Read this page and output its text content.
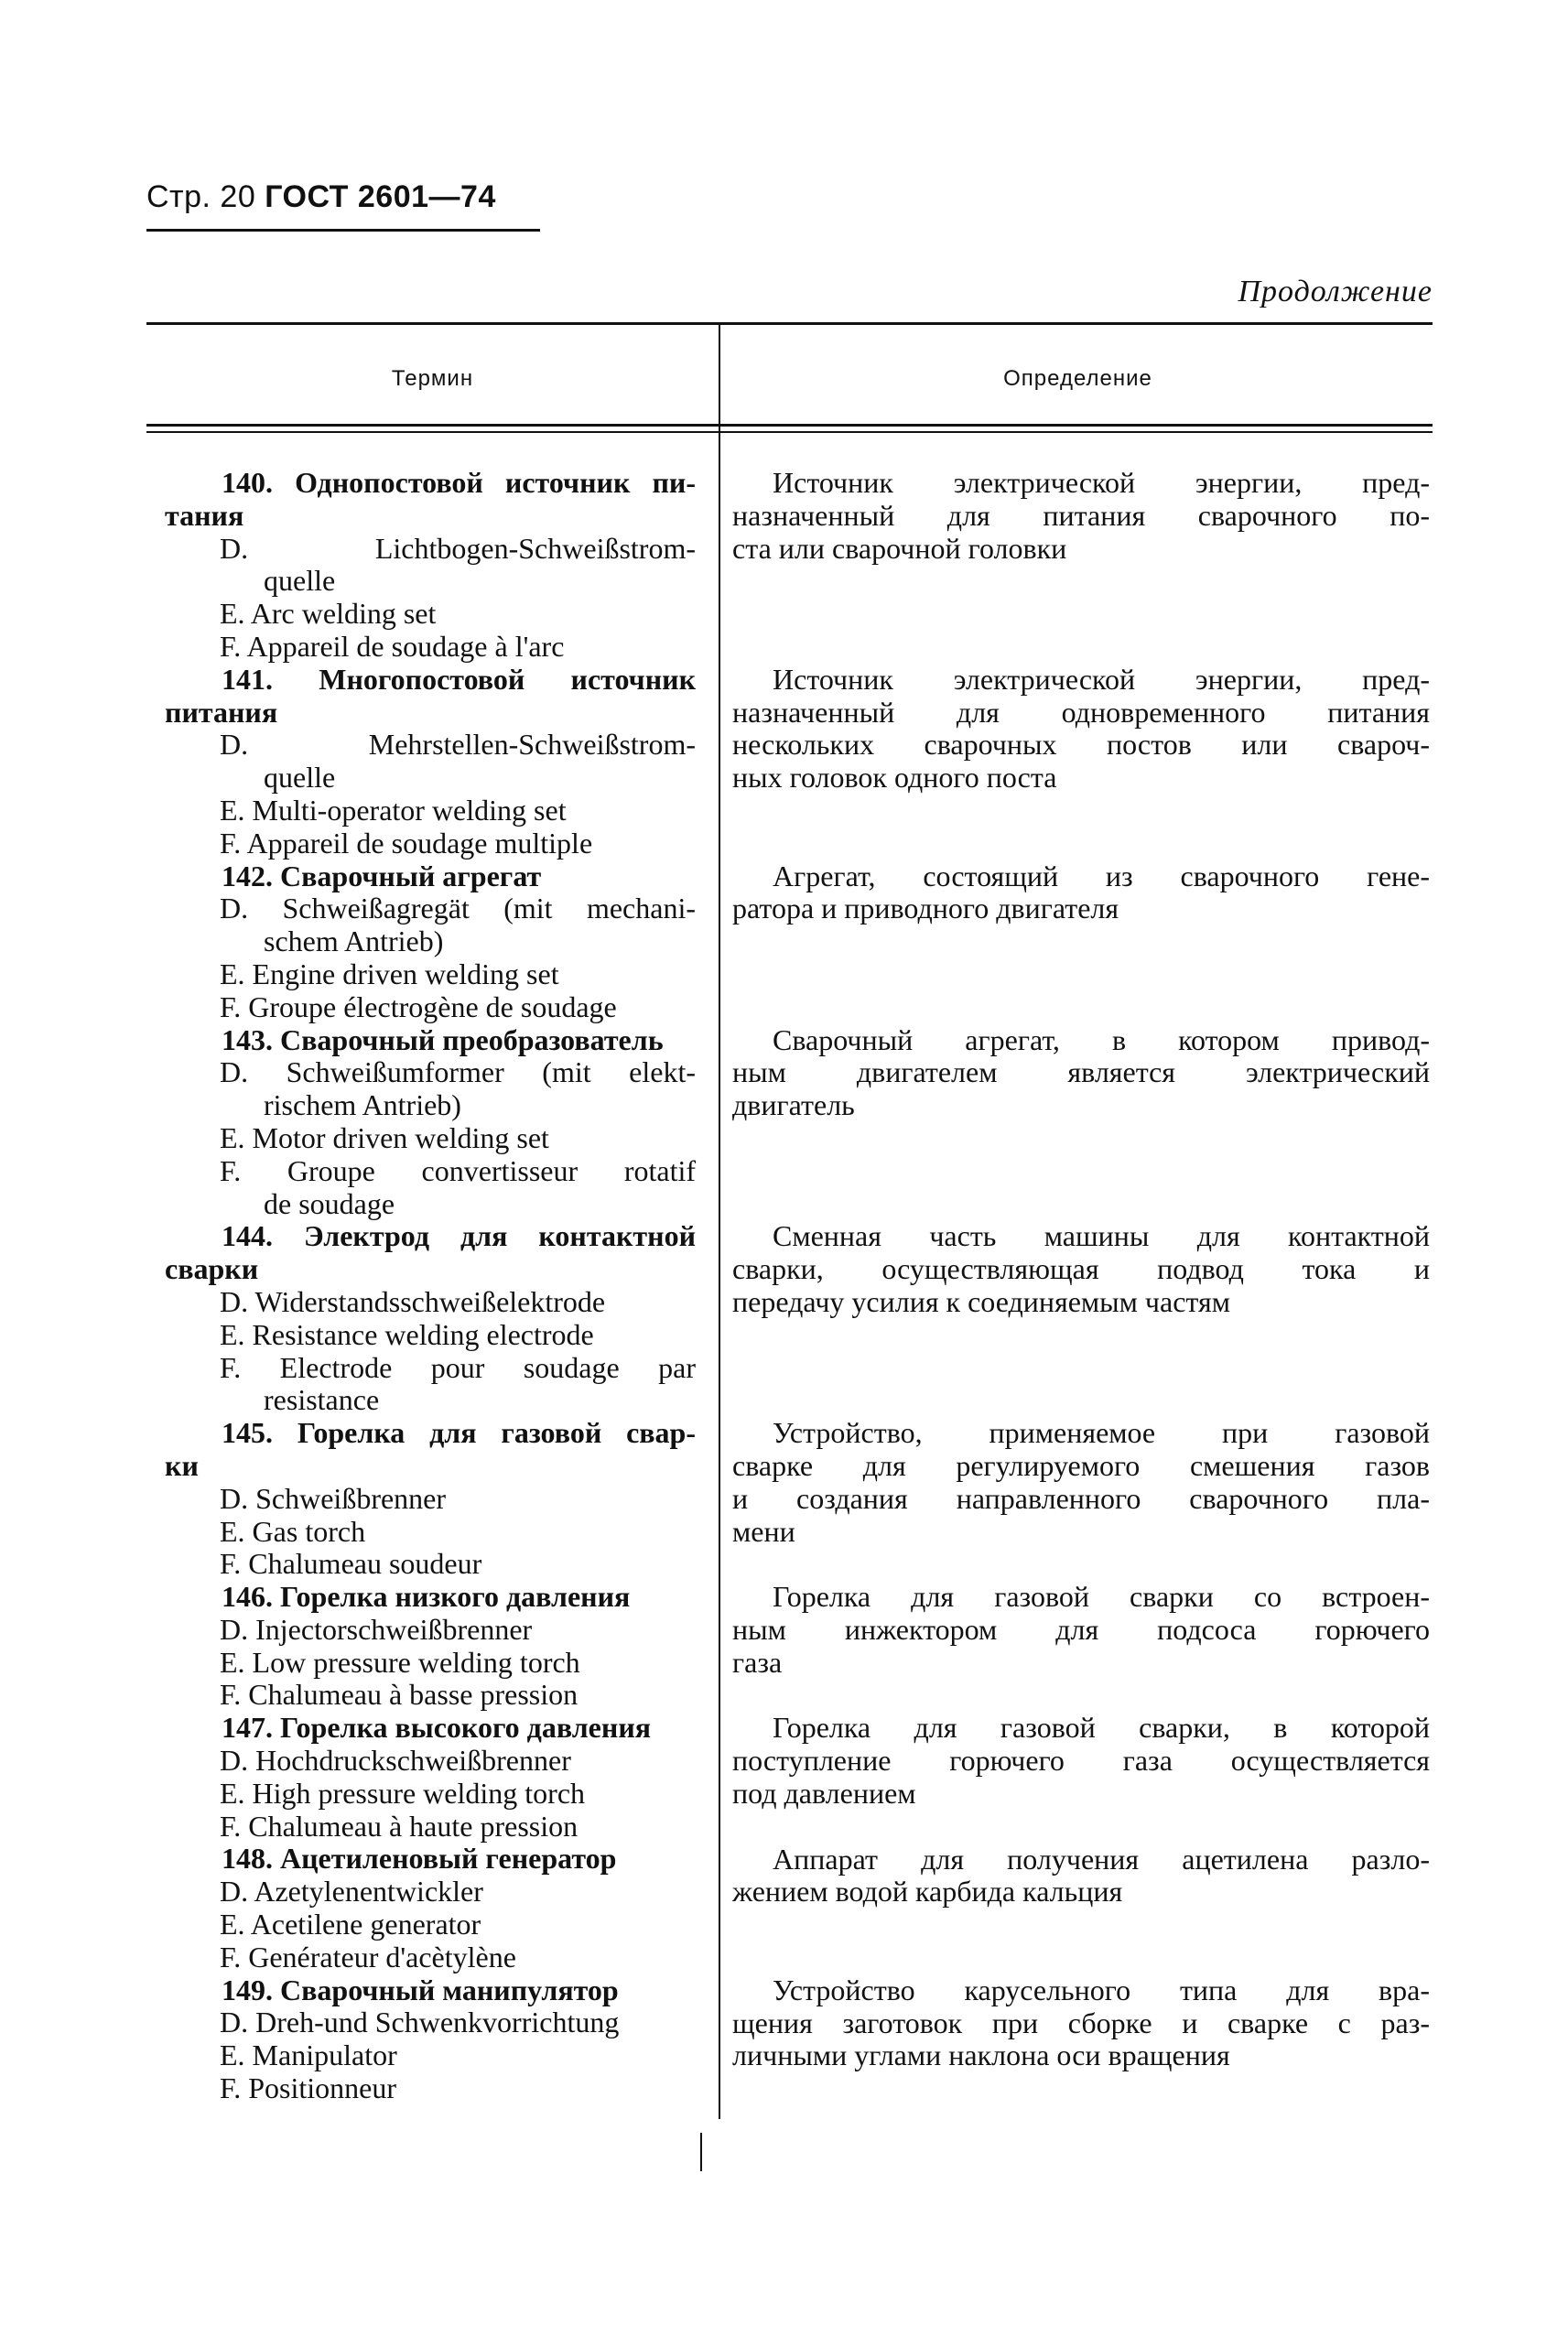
Стр. 20 ГОСТ 2601—74
Продолжение
Термин	Определение
140. Однопостовой источник пи-
тания
D. Lichtbogen-Schweißstrom-
quelle
E. Arc welding set
F. Appareil de soudage à l'arc
141. Многопостовой источник
питания
D. Mehrstellen-Schweißstrom-
quelle
E. Multi-operator welding set
F. Appareil de soudage multiple
142. Сварочный агрегат
D. Schweißagregät (mit mechani-
schem Antrieb)
E. Engine driven welding set
F. Groupe électrogène de soudage
143. Сварочный преобразователь
D. Schweißumformer (mit elekt-
rischem Antrieb)
E. Motor driven welding set
F. Groupe convertisseur rotatif
de soudage
144. Электрод для контактной
сварки
D. Widerstandsschweißelektrode
E. Resistance welding electrode
F. Electrode pour soudage par
resistance
145. Горелка для газовой свар-
ки
D. Schweißbrenner
E. Gas torch
F. Chalumeau soudeur
146. Горелка низкого давления
D. Injectorschweißbrenner
E. Low pressure welding torch
F. Chalumeau à basse pression
147. Горелка высокого давления
D. Hochdruckschweißbrenner
E. High pressure welding torch
F. Chalumeau à haute pression
148. Ацетиленовый генератор
D. Azetylenentwickler
E. Acetilene generator
F. Genérateur d'acètylène
149. Сварочный манипулятор
D. Dreh-und Schwenkvorrichtung
E. Manipulator
F. Positionneur
Источник электрической энергии, пред-
назначенный для питания сварочного по-
ста или сварочной головки
Источник электрической энергии, пред-
назначенный для одновременного питания
нескольких сварочных постов или свароч-
ных головок одного поста
Агрегат, состоящий из сварочного гене-
ратора и приводного двигателя
Сварочный агрегат, в котором привод-
ным двигателем является электрический
двигатель
Сменная часть машины для контактной
сварки, осуществляющая подвод тока и
передачу усилия к соединяемым частям
Устройство, применяемое при газовой
сварке для регулируемого смешения газов
и создания направленного сварочного пла-
мени
Горелка для газовой сварки со встроен-
ным инжектором для подсоса горючего
газа
Горелка для газовой сварки, в которой
поступление горючего газа осуществляется
под давлением
Аппарат для получения ацетилена разло-
жением водой карбида кальция
Устройство карусельного типа для вра-
щения заготовок при сборке и сварке с раз-
личными углами наклона оси вращения
